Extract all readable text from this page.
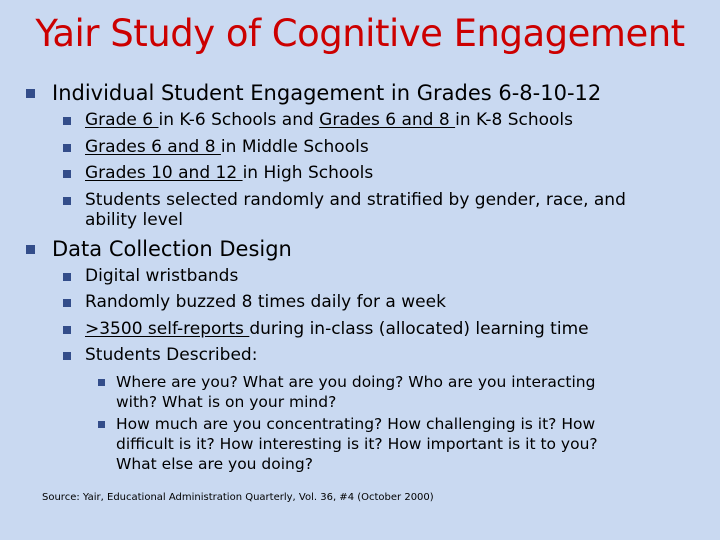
Yair Study of Cognitive Engagement
Individual Student Engagement in Grades 6-8-10-12
Grade 6 in K-6 Schools and Grades 6 and 8 in K-8 Schools
Grades 6 and 8 in Middle Schools
Grades 10 and 12 in High Schools
Students selected randomly and stratified by gender, race, and
ability level
Data Collection Design
Digital wristbands
Randomly buzzed 8 times daily for a week
>3500 self-reports during in-class (allocated) learning time
Students Described:
Where are you? What are you doing? Who are you interacting
with? What is on your mind?
How much are you concentrating? How challenging is it? How
difficult is it? How interesting is it? How important is it to you?
What else are you doing?
Source: Yair, Educational Administration Quarterly, Vol. 36, #4 (October 2000)
